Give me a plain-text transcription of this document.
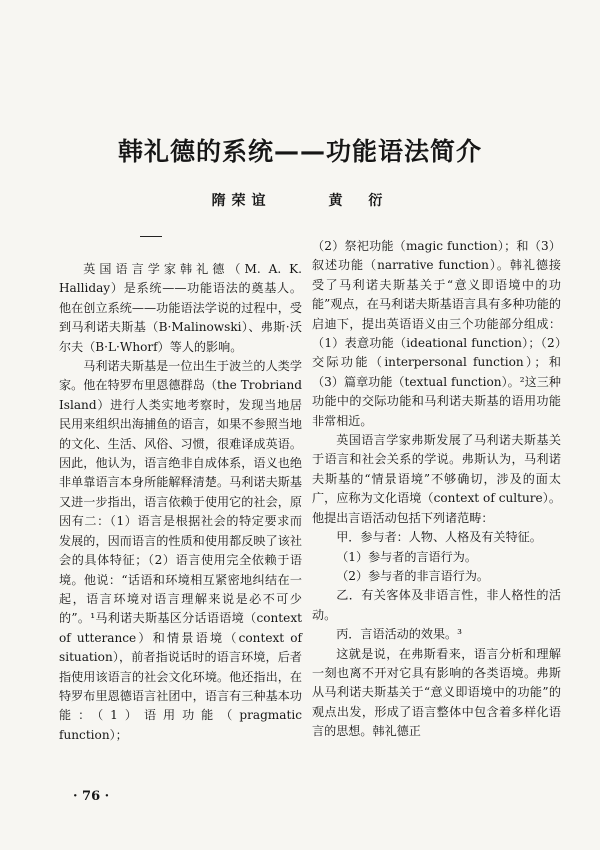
韩礼德的系统——功能语法简介
隋荣谊	黄　衍

英国语言学家韩礼德（M. A. K. Halliday）是系统——功能语法的奠基人。他在创立系统——功能语法学说的过程中，受到马利诺夫斯基（B·Malinowski）、弗斯·沃尔夫（B·L·Whorf）等人的影响。

马利诺夫斯基是一位出生于波兰的人类学家。他在特罗布里恩德群岛（the Trobriand Island）进行人类实地考察时，发现当地居民用来组织出海捕鱼的语言，如果不参照当地的文化、生活、风俗、习惯，很难译成英语。因此，他认为，语言绝非自成体系，语义也绝非单靠语言本身所能解释清楚。马利诺夫斯基又进一步指出，语言依赖于使用它的社会，原因有二：（1）语言是根据社会的特定要求而发展的，因而语言的性质和使用都反映了该社会的具体特征；（2）语言使用完全依赖于语境。他说：“话语和环境相互紧密地纠结在一起，语言环境对语言理解来说是必不可少的”。¹马利诺夫斯基区分话语语境（context of utterance）和情景语境（context of situation），前者指说话时的语言环境，后者指使用该语言的社会文化环境。他还指出，在特罗布里恩德语言社团中，语言有三种基本功能：（1）语用功能（pragmatic function）；

（2）祭祀功能（magic function）；和（3）叙述功能（narrative function）。韩礼德接受了马利诺夫斯基关于“意义即语境中的功能”观点，在马利诺夫斯基语言具有多种功能的启迪下，提出英语语义由三个功能部分组成：（1）表意功能（ideational function）；（2）交际功能（interpersonal function）；和（3）篇章功能（textual function）。²这三种功能中的交际功能和马利诺夫斯基的语用功能非常相近。

英国语言学家弗斯发展了马利诺夫斯基关于语言和社会关系的学说。弗斯认为，马利诺夫斯基的“情景语境”不够确切，涉及的面太广，应称为文化语境（context of culture）。他提出言语活动包括下列诸范畴：

甲．参与者：人物、人格及有关特征。

（1）参与者的言语行为。

（2）参与者的非言语行为。

乙．有关客体及非语言性，非人格性的活动。

丙．言语活动的效果。³

这就是说，在弗斯看来，语言分析和理解一刻也离不开对它具有影响的各类语境。弗斯从马利诺夫斯基关于“意义即语境中的功能”的观点出发，形成了语言整体中包含着多样化语言的思想。韩礼德正

· 76 ·
